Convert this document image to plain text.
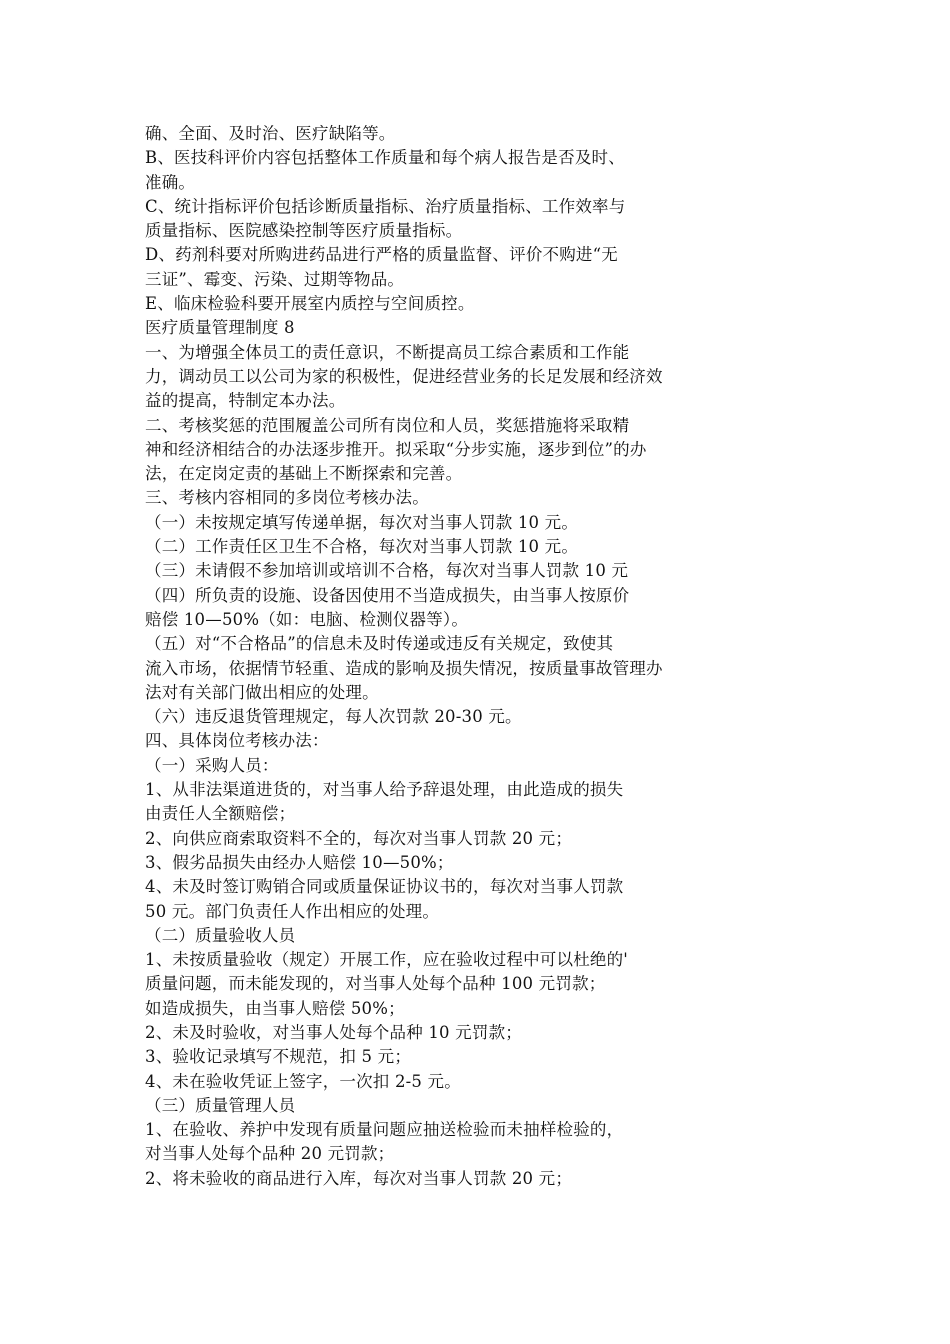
确、全面、及时治、医疗缺陷等。
B、医技科评价内容包括整体工作质量和每个病人报告是否及时、
准确。
C、统计指标评价包括诊断质量指标、治疗质量指标、工作效率与
质量指标、医院感染控制等医疗质量指标。
D、药剂科要对所购进药品进行严格的质量监督、评价不购进“无
三证”、霉变、污染、过期等物品。
E、临床检验科要开展室内质控与空间质控。
医疗质量管理制度 8
一、为增强全体员工的责任意识，不断提高员工综合素质和工作能
力，调动员工以公司为家的积极性，促进经营业务的长足发展和经济效
益的提高，特制定本办法。
二、考核奖惩的范围履盖公司所有岗位和人员，奖惩措施将采取精
神和经济相结合的办法逐步推开。拟采取“分步实施，逐步到位”的办
法，在定岗定责的基础上不断探索和完善。
三、考核内容相同的多岗位考核办法。
（一）未按规定填写传递单据，每次对当事人罚款 10 元。
（二）工作责任区卫生不合格，每次对当事人罚款 10 元。
（三）未请假不参加培训或培训不合格，每次对当事人罚款 10 元
（四）所负责的设施、设备因使用不当造成损失，由当事人按原价
赔偿 10—50%（如：电脑、检测仪器等）。
（五）对“不合格品”的信息未及时传递或违反有关规定，致使其
流入市场，依据情节轻重、造成的影响及损失情况，按质量事故管理办
法对有关部门做出相应的处理。
（六）违反退货管理规定，每人次罚款 20-30 元。
四、具体岗位考核办法：
（一）采购人员：
1、从非法渠道进货的，对当事人给予辞退处理，由此造成的损失
由责任人全额赔偿；
2、向供应商索取资料不全的，每次对当事人罚款 20 元；
3、假劣品损失由经办人赔偿 10—50%；
4、未及时签订购销合同或质量保证协议书的，每次对当事人罚款
50 元。部门负责任人作出相应的处理。
（二）质量验收人员
1、未按质量验收（规定）开展工作，应在验收过程中可以杜绝的'
质量问题，而未能发现的，对当事人处每个品种 100 元罚款；
如造成损失，由当事人赔偿 50%；
2、未及时验收，对当事人处每个品种 10 元罚款；
3、验收记录填写不规范，扣 5 元；
4、未在验收凭证上签字，一次扣 2-5 元。
（三）质量管理人员
1、在验收、养护中发现有质量问题应抽送检验而未抽样检验的，
对当事人处每个品种 20 元罚款；
2、将未验收的商品进行入库，每次对当事人罚款 20 元；
